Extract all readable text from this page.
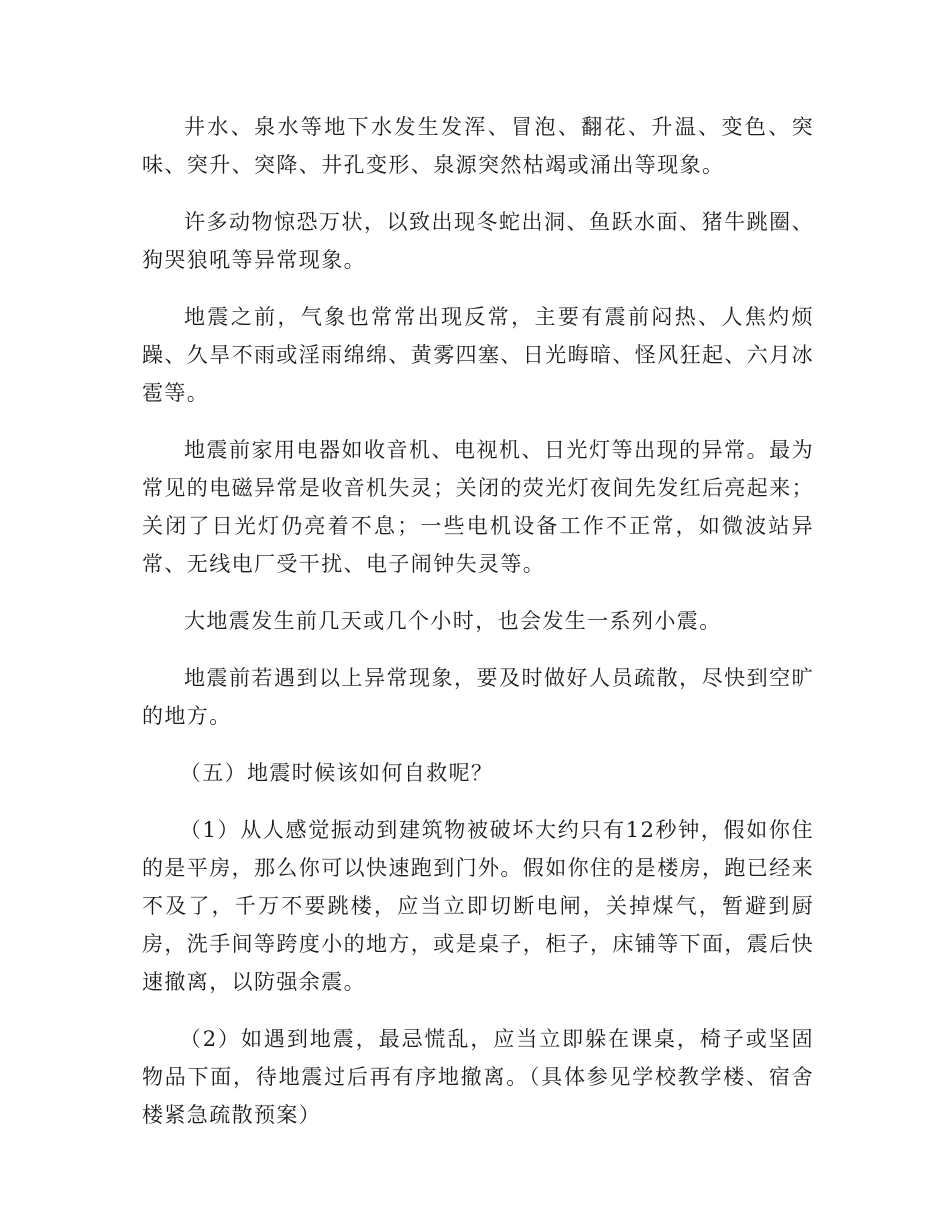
井水、泉水等地下水发生发浑、冒泡、翻花、升温、变色、突味、突升、突降、井孔变形、泉源突然枯竭或涌出等现象。

许多动物惊恐万状，以致出现冬蛇出洞、鱼跃水面、猪牛跳圈、狗哭狼吼等异常现象。

地震之前，气象也常常出现反常，主要有震前闷热、人焦灼烦躁、久旱不雨或淫雨绵绵、黄雾四塞、日光晦暗、怪风狂起、六月冰雹等。

地震前家用电器如收音机、电视机、日光灯等出现的异常。最为常见的电磁异常是收音机失灵；关闭的荧光灯夜间先发红后亮起来；关闭了日光灯仍亮着不息；一些电机设备工作不正常，如微波站异常、无线电厂受干扰、电子闹钟失灵等。

大地震发生前几天或几个小时，也会发生一系列小震。

地震前若遇到以上异常现象，要及时做好人员疏散，尽快到空旷的地方。

（五）地震时候该如何自救呢？

（1）从人感觉振动到建筑物被破坏大约只有12秒钟，假如你住的是平房，那么你可以快速跑到门外。假如你住的是楼房，跑已经来不及了，千万不要跳楼，应当立即切断电闸，关掉煤气，暂避到厨房，洗手间等跨度小的地方，或是桌子，柜子，床铺等下面，震后快速撤离，以防强余震。

（2）如遇到地震，最忌慌乱，应当立即躲在课桌，椅子或坚固物品下面，待地震过后再有序地撤离。（具体参见学校教学楼、宿舍楼紧急疏散预案）
